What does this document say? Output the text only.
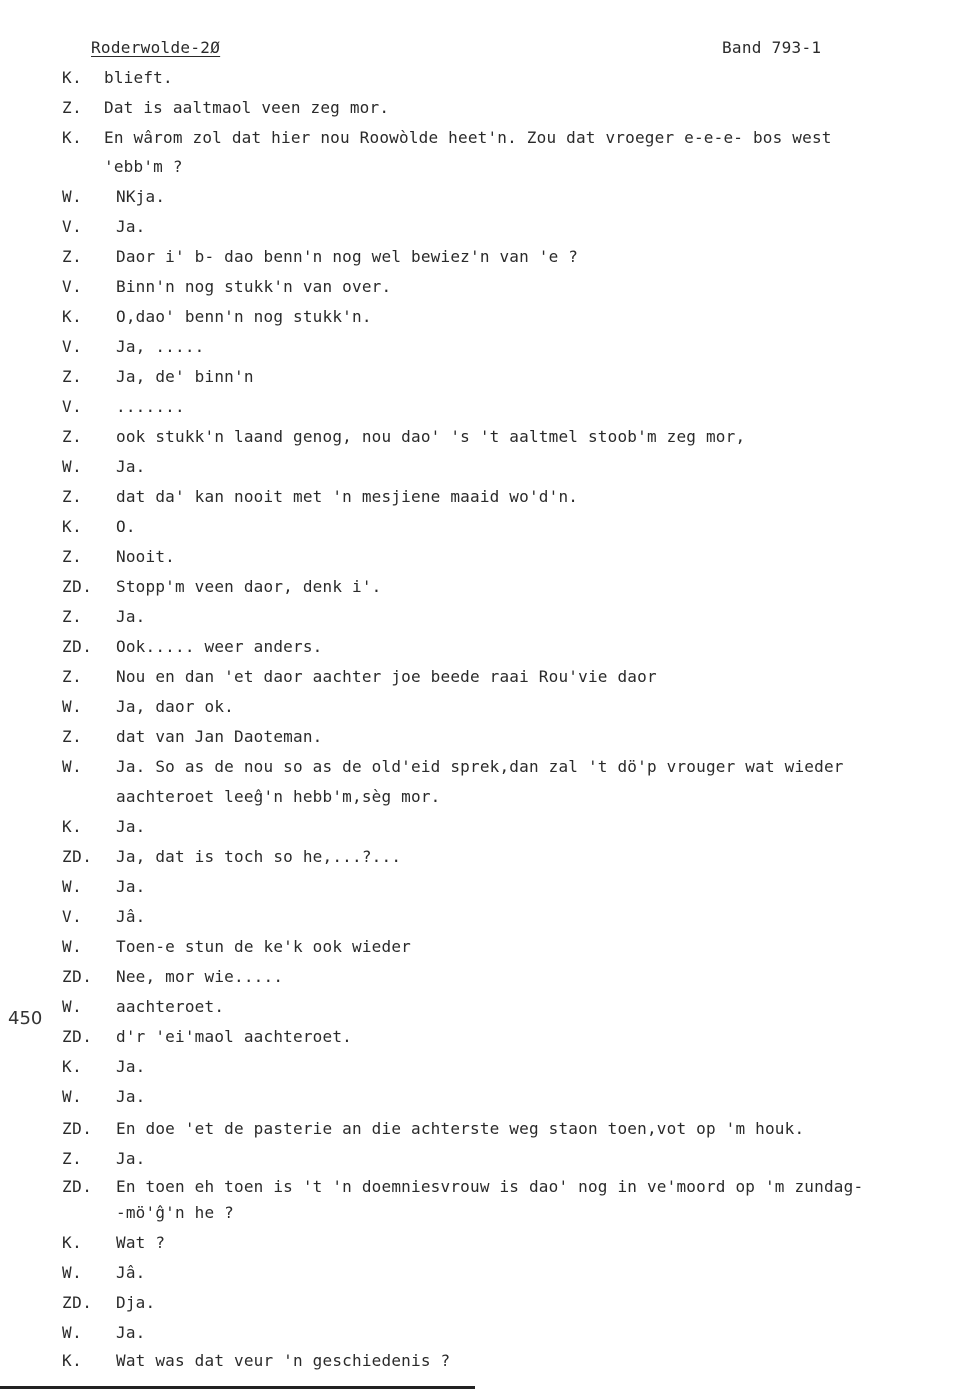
Roderwolde-2Ø	Band 793-1
450
K. blieft.
Z. Dat is aaltmaol veen zeg mor.
K. En wârom zol dat hier nou Roowòlde heet'n. Zou dat vroeger e-e-e- bos west
'ebb'm ?
W. NKja.
V. Ja.
Z. Daor i' b- dao benn'n nog wel bewiez'n van 'e ?
V. Binn'n nog stukk'n van over.
K. O,dao' benn'n nog stukk'n.
V. Ja, .....
Z. Ja, de' binn'n
V. .......
Z. ook stukk'n laand genog, nou dao' 's 't aaltmel stoob'm zeg mor,
W. Ja.
Z. dat da' kan nooit met 'n mesjiene maaid wo'd'n.
K. O.
Z. Nooit.
ZD. Stopp'm veen daor, denk i'.
Z. Ja.
ZD. Ook..... weer anders.
Z. Nou en dan 'et daor aachter joe beede raai Rou'vie daor
W. Ja, daor ok.
Z. dat van Jan Daoteman.
W. Ja. So as de nou so as de old'eid sprek,dan zal 't dö'p vrouger wat wieder
aachteroet leeĝ'n hebb'm,sèg mor.
K. Ja.
ZD. Ja, dat is toch so he,...?...
W. Ja.
V. Jâ.
W. Toen-e stun de ke'k ook wieder
ZD. Nee, mor wie.....
W. aachteroet.
ZD. d'r 'ei'maol aachteroet.
K. Ja.
W. Ja.
ZD. En doe 'et de pasterie an die achterste weg staon toen,vot op 'm houk.
Z. Ja.
ZD. En toen eh toen is 't 'n doemniesvrouw is dao' nog in ve'moord op 'm zundag-
-mö'ĝ'n he ?
K. Wat ?
W. Jâ.
ZD. Dja.
W. Ja.
K. Wat was dat veur 'n geschiedenis ?
